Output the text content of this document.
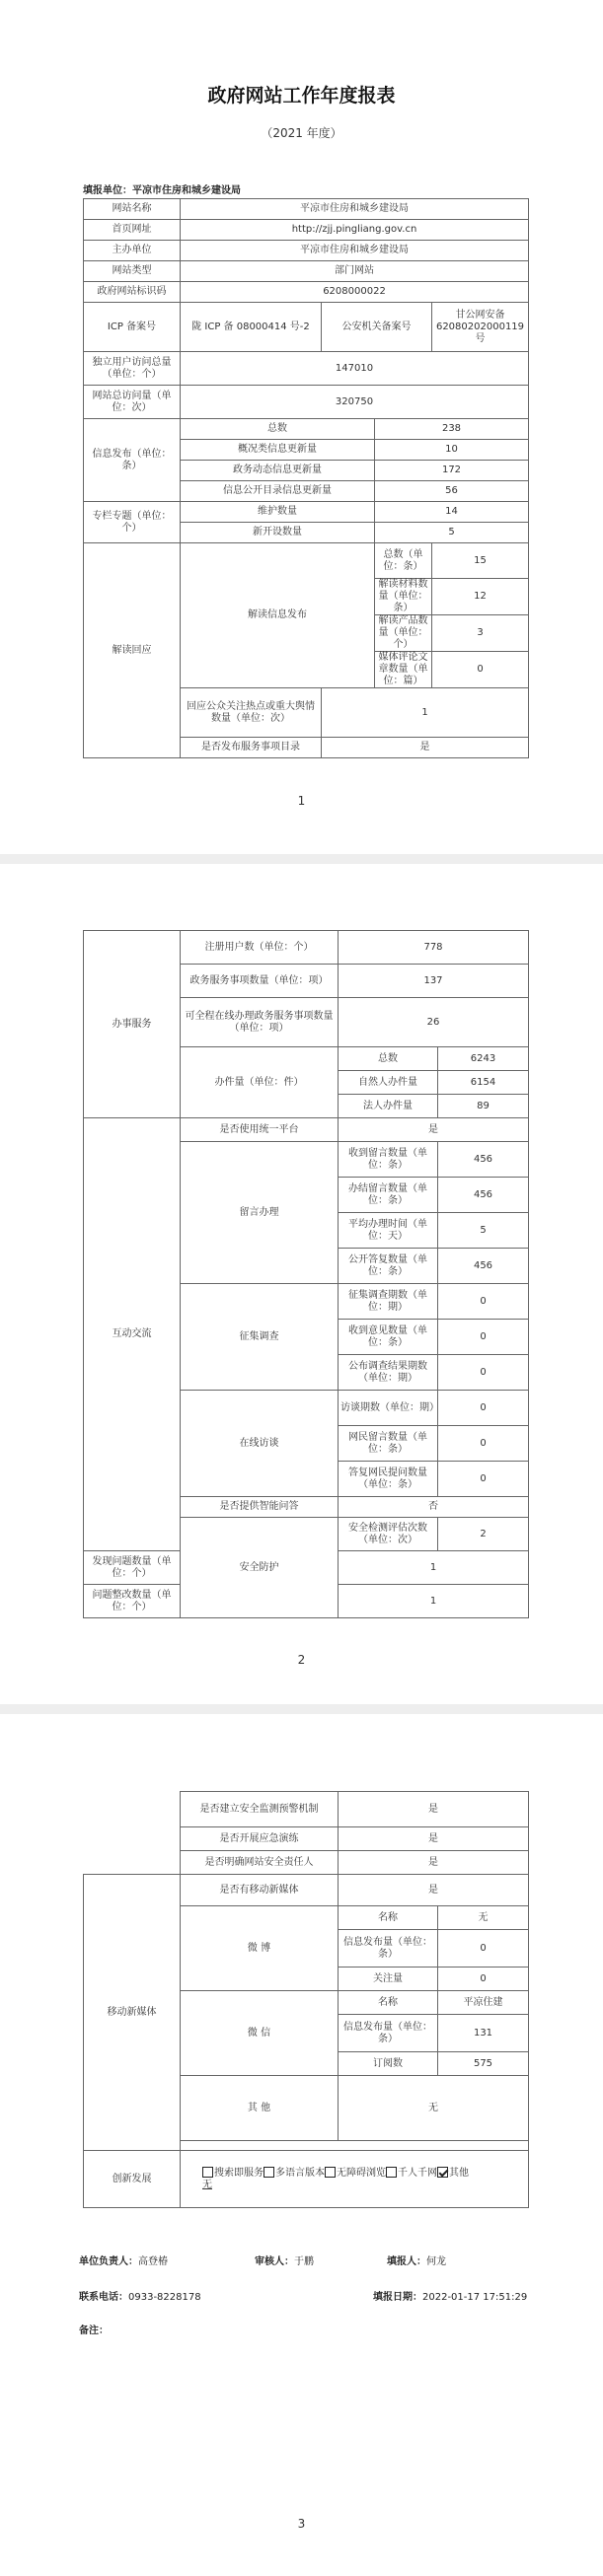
政府网站工作年度报表
（2021 年度）
填报单位：平凉市住房和城乡建设局
网站名称	平凉市住房和城乡建设局			
首页网址	http://zjj.pingliang.gov.cn			
主办单位	平凉市住房和城乡建设局			
网站类型	部门网站			
政府网站标识码	6208000022			
ICP 备案号	陇 ICP 备 08000414 号-2	公安机关备案号		甘公网安备 62080202000119 号
独立用户访问总量（单位：个）	147010			
网站总访问量（单位：次）	320750			
信息发布（单位：条）	总数		238	
	概况类信息更新量		10	
	政务动态信息更新量		172	
	信息公开目录信息更新量		56	
专栏专题（单位：个）	维护数量		14	
	新开设数量		5	
解读回应	解读信息发布		总数（单位：条）	15
			解读材料数量（单位：条）	12
			解读产品数量（单位：个）	3
			媒体评论文章数量（单位：篇）	0
	回应公众关注热点或重大舆情数量（单位：次）	1		
	是否发布服务事项目录	是		
1
办事服务	注册用户数（单位：个）	778	
	政务服务事项数量（单位：项）	137	
	可全程在线办理政务服务事项数量（单位：项）	26	
	办件量（单位：件）	总数	6243
		自然人办件量	6154
		法人办件量	89
互动交流	是否使用统一平台	是	
	留言办理	收到留言数量（单位：条）	456
		办结留言数量（单位：条）	456
		平均办理时间（单位：天）	5
		公开答复数量（单位：条）	456
	征集调查	征集调查期数（单位：期）	0
		收到意见数量（单位：条）	0
		公布调查结果期数（单位：期）	0
	在线访谈	访谈期数（单位：期）	0
		网民留言数量（单位：条）	0
		答复网民提问数量（单位：条）	0
	是否提供智能问答	否	
	安全防护	安全检测评估次数（单位：次）	2
发现问题数量（单位：个）		1	
问题整改数量（单位：个）		1	
2
	是否建立安全监测预警机制	是	
	是否开展应急演练	是	
	是否明确网站安全责任人	是	
移动新媒体	是否有移动新媒体	是	
	微 博	名称	无
		信息发布量（单位：条）	0
		关注量	0
	微 信	名称	平凉住建
		信息发布量（单位：条）	131
		订阅数	575
	其 他	无	

创新发展	搜索即服务 多语言版本 无障碍浏览 千人千网 其他
无		
单位负责人：高登椿	审核人：于鹏	填报人：何龙
联系电话：0933-8228178	填报日期：2022-01-17 17:51:29
备注：
3
